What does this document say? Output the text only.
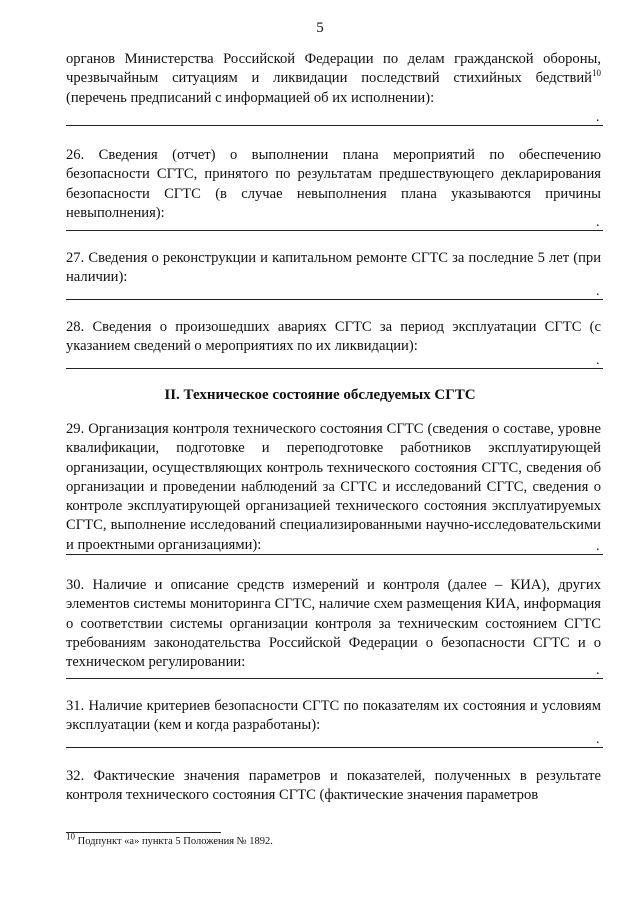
5

органов Министерства Российской Федерации по делам гражданской обороны, чрезвычайным ситуациям и ликвидации последствий стихийных бедствий$^{10}$ (перечень предписаний с информацией об их исполнении):

.

26. Сведения (отчет) о выполнении плана мероприятий по обеспечению безопасности СГТС, принятого по результатам предшествующего декларирования безопасности СГТС (в случае невыполнения плана указываются причины невыполнения):

.

27. Сведения о реконструкции и капитальном ремонте СГТС за последние 5 лет (при наличии):

.

28. Сведения о произошедших авариях СГТС за период эксплуатации СГТС (с указанием сведений о мероприятиях по их ликвидации):

.
II. Техническое состояние обследуемых СГТС

29. Организация контроля технического состояния СГТС (сведения о составе, уровне квалификации, подготовке и переподготовке работников эксплуатирующей организации, осуществляющих контроль технического состояния СГТС, сведения об организации и проведении наблюдений за СГТС и исследований СГТС, сведения о контроле эксплуатирующей организацией технического состояния эксплуатируемых СГТС, выполнение исследований специализированными научно-исследовательскими и проектными организациями):	.

30. Наличие и описание средств измерений и контроля (далее – КИА), других элементов системы мониторинга СГТС, наличие схем размещения КИА, информация о соответствии системы организации контроля за техническим состоянием СГТС требованиям законодательства Российской Федерации о безопасности СГТС и о техническом регулировании:

.

31. Наличие критериев безопасности СГТС по показателям их состояния и условиям эксплуатации (кем и когда разработаны):

.

32. Фактические значения параметров и показателей, полученных в результате контроля технического состояния СГТС (фактические значения параметров

10 Подпункт «а» пункта 5 Положения № 1892.
